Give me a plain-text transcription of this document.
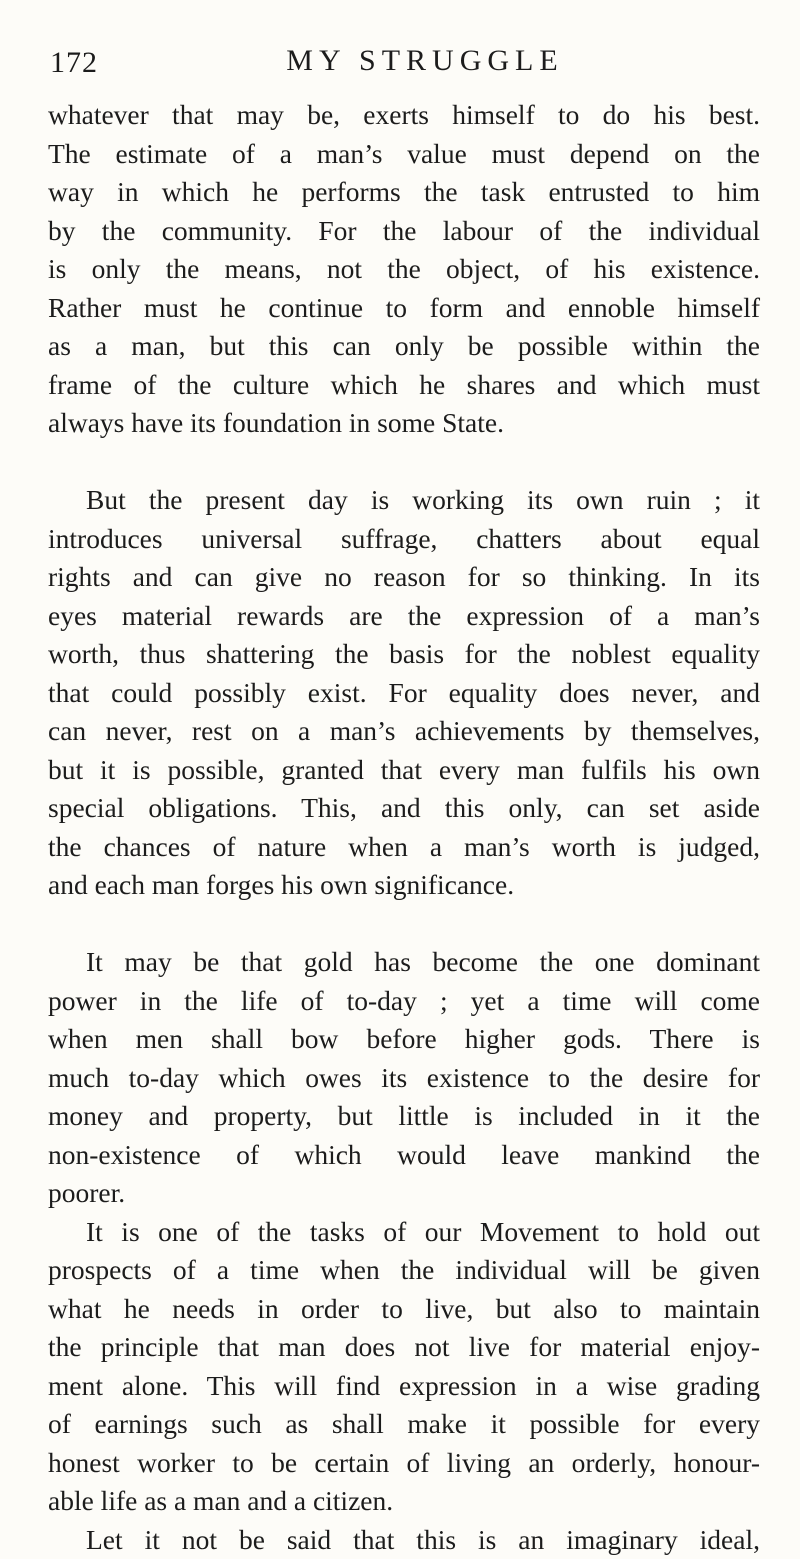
172	MY STRUGGLE
whatever that may be, exerts himself to do his best.
The estimate of a man’s value must depend on the
way in which he performs the task entrusted to him
by the community. For the labour of the individual
is only the means, not the object, of his existence.
Rather must he continue to form and ennoble himself
as a man, but this can only be possible within the
frame of the culture which he shares and which must
always have its foundation in some State.
But the present day is working its own ruin ; it
introduces universal suffrage, chatters about equal
rights and can give no reason for so thinking. In its
eyes material rewards are the expression of a man’s
worth, thus shattering the basis for the noblest equality
that could possibly exist. For equality does never, and
can never, rest on a man’s achievements by themselves,
but it is possible, granted that every man fulfils his own
special obligations. This, and this only, can set aside
the chances of nature when a man’s worth is judged,
and each man forges his own significance.
It may be that gold has become the one dominant
power in the life of to-day ; yet a time will come
when men shall bow before higher gods. There is
much to-day which owes its existence to the desire for
money and property, but little is included in it the
non-existence of which would leave mankind the
poorer.
It is one of the tasks of our Movement to hold out
prospects of a time when the individual will be given
what he needs in order to live, but also to maintain
the principle that man does not live for material enjoy-
ment alone. This will find expression in a wise grading
of earnings such as shall make it possible for every
honest worker to be certain of living an orderly, honour-
able life as a man and a citizen.
Let it not be said that this is an imaginary ideal,
